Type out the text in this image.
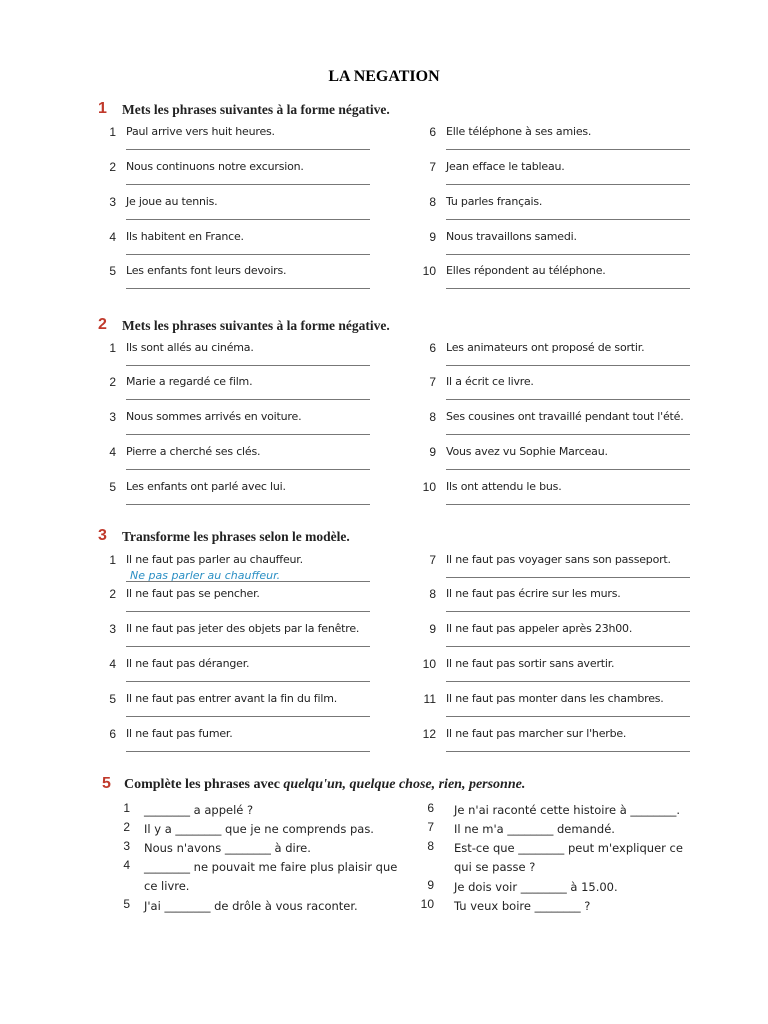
LA NEGATION
1 Mets les phrases suivantes à la forme négative.
1 Paul arrive vers huit heures.
2 Nous continuons notre excursion.
3 Je joue au tennis.
4 Ils habitent en France.
5 Les enfants font leurs devoirs.
6 Elle téléphone à ses amies.
7 Jean efface le tableau.
8 Tu parles français.
9 Nous travaillons samedi.
10 Elles répondent au téléphone.
2 Mets les phrases suivantes à la forme négative.
1 Ils sont allés au cinéma.
2 Marie a regardé ce film.
3 Nous sommes arrivés en voiture.
4 Pierre a cherché ses clés.
5 Les enfants ont parlé avec lui.
6 Les animateurs ont proposé de sortir.
7 Il a écrit ce livre.
8 Ses cousines ont travaillé pendant tout l'été.
9 Vous avez vu Sophie Marceau.
10 Ils ont attendu le bus.
3 Transforme les phrases selon le modèle.
1 Il ne faut pas parler au chauffeur.
Ne pas parler au chauffeur.
2 Il ne faut pas se pencher.
3 Il ne faut pas jeter des objets par la fenêtre.
4 Il ne faut pas déranger.
5 Il ne faut pas entrer avant la fin du film.
6 Il ne faut pas fumer.
7 Il ne faut pas voyager sans son passeport.
8 Il ne faut pas écrire sur les murs.
9 Il ne faut pas appeler après 23h00.
10 Il ne faut pas sortir sans avertir.
11 Il ne faut pas monter dans les chambres.
12 Il ne faut pas marcher sur l'herbe.
5 Complète les phrases avec quelqu'un, quelque chose, rien, personne.
1 ________ a appelé ?
2 Il y a ________ que je ne comprends pas.
3 Nous n'avons ________ à dire.
4 ________ ne pouvait me faire plus plaisir que ce livre.
5 J'ai ________ de drôle à vous raconter.
6 Je n'ai raconté cette histoire à ________.
7 Il ne m'a ________ demandé.
8 Est-ce que ________ peut m'expliquer ce qui se passe ?
9 Je dois voir ________ à 15.00.
10 Tu veux boire ________ ?
